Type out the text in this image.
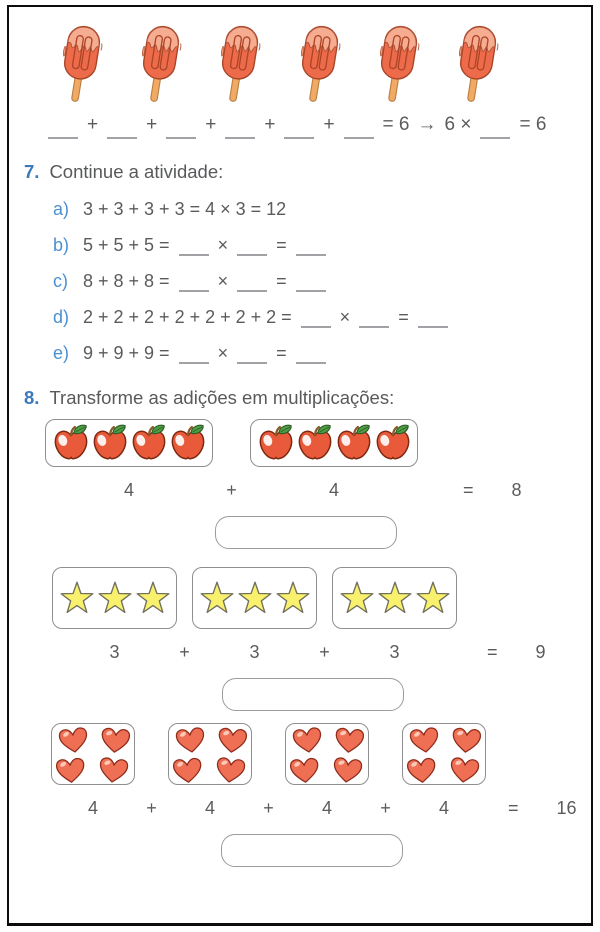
+	+	+	+	+	= 6 → 6 ×	= 6
7. Continue a atividade:
a) 3 + 3 + 3 + 3 = 4 × 3 = 12
b) 5 + 5 + 5 =	×	=
c) 8 + 8 + 8 =	×	=
d) 2 + 2 + 2 + 2 + 2 + 2 + 2 =	×	=
e) 9 + 9 + 9 =	×	=
8. Transforme as adições em multiplicações:
4	+	4	= 8
3	+	3	+	3	= 9
4	+	4	+	4	+	4	= 16
